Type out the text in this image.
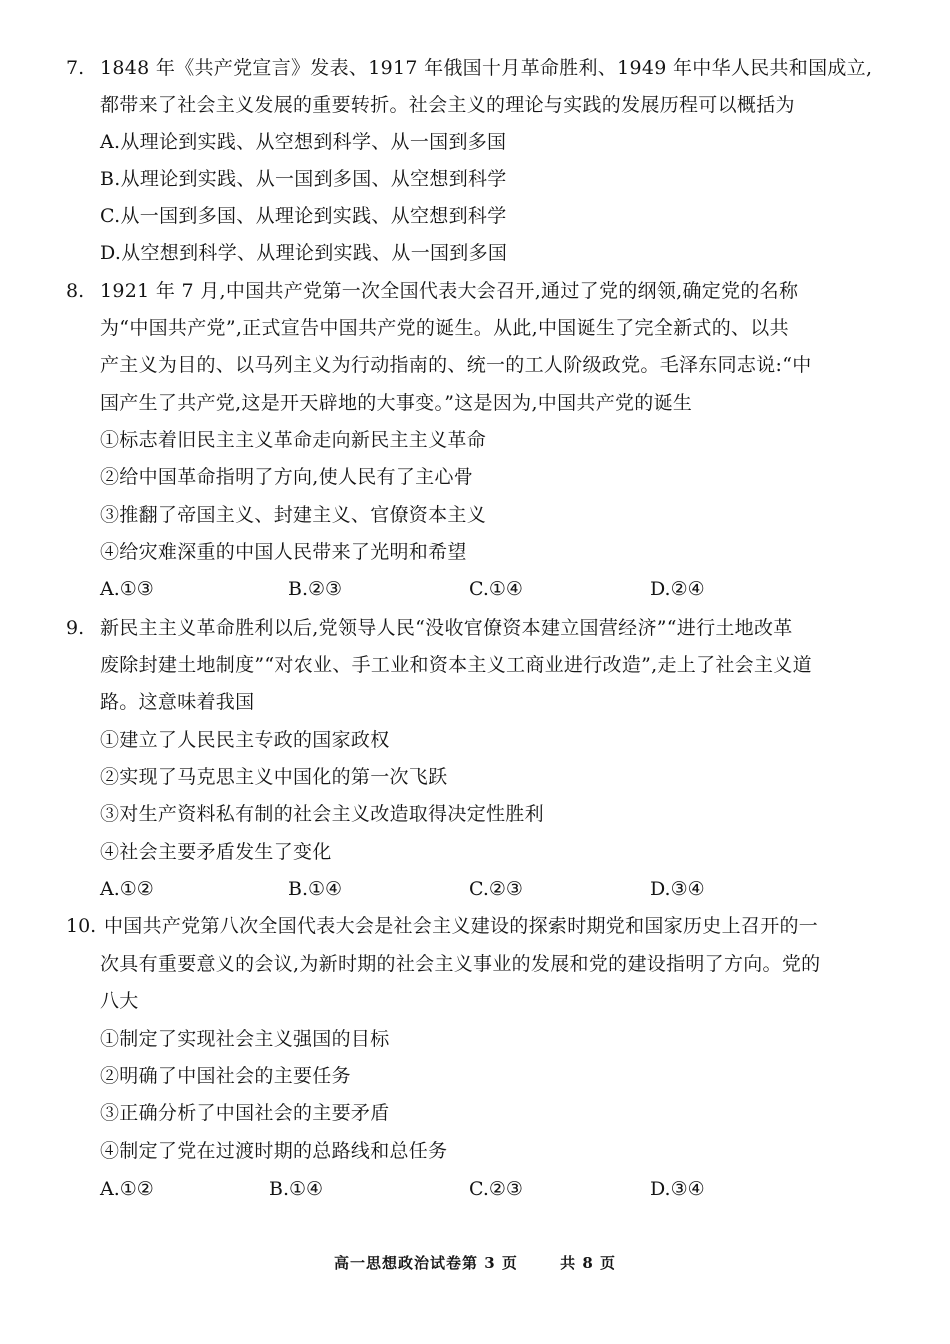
7. 1848 年《共产党宣言》发表、1917 年俄国十月革命胜利、1949 年中华人民共和国成立,
都带来了社会主义发展的重要转折。社会主义的理论与实践的发展历程可以概括为
A.从理论到实践、从空想到科学、从一国到多国
B.从理论到实践、从一国到多国、从空想到科学
C.从一国到多国、从理论到实践、从空想到科学
D.从空想到科学、从理论到实践、从一国到多国
8. 1921 年 7 月,中国共产党第一次全国代表大会召开,通过了党的纲领,确定党的名称
为“中国共产党”,正式宣告中国共产党的诞生。从此,中国诞生了完全新式的、以共
产主义为目的、以马列主义为行动指南的、统一的工人阶级政党。毛泽东同志说:“中
国产生了共产党,这是开天辟地的大事变。”这是因为,中国共产党的诞生
①标志着旧民主主义革命走向新民主主义革命
②给中国革命指明了方向,使人民有了主心骨
③推翻了帝国主义、封建主义、官僚资本主义
④给灾难深重的中国人民带来了光明和希望
A.①③	B.②③	C.①④	D.②④
9. 新民主主义革命胜利以后,党领导人民“没收官僚资本建立国营经济”“进行土地改革
废除封建土地制度”“对农业、手工业和资本主义工商业进行改造”,走上了社会主义道
路。这意味着我国
①建立了人民民主专政的国家政权
②实现了马克思主义中国化的第一次飞跃
③对生产资料私有制的社会主义改造取得决定性胜利
④社会主要矛盾发生了变化
A.①②	B.①④	C.②③	D.③④
10. 中国共产党第八次全国代表大会是社会主义建设的探索时期党和国家历史上召开的一
次具有重要意义的会议,为新时期的社会主义事业的发展和党的建设指明了方向。党的
八大
①制定了实现社会主义强国的目标
②明确了中国社会的主要任务
③正确分析了中国社会的主要矛盾
④制定了党在过渡时期的总路线和总任务
A.①②	B.①④	C.②③	D.③④
高一思想政治试卷第 3 页	共 8 页
